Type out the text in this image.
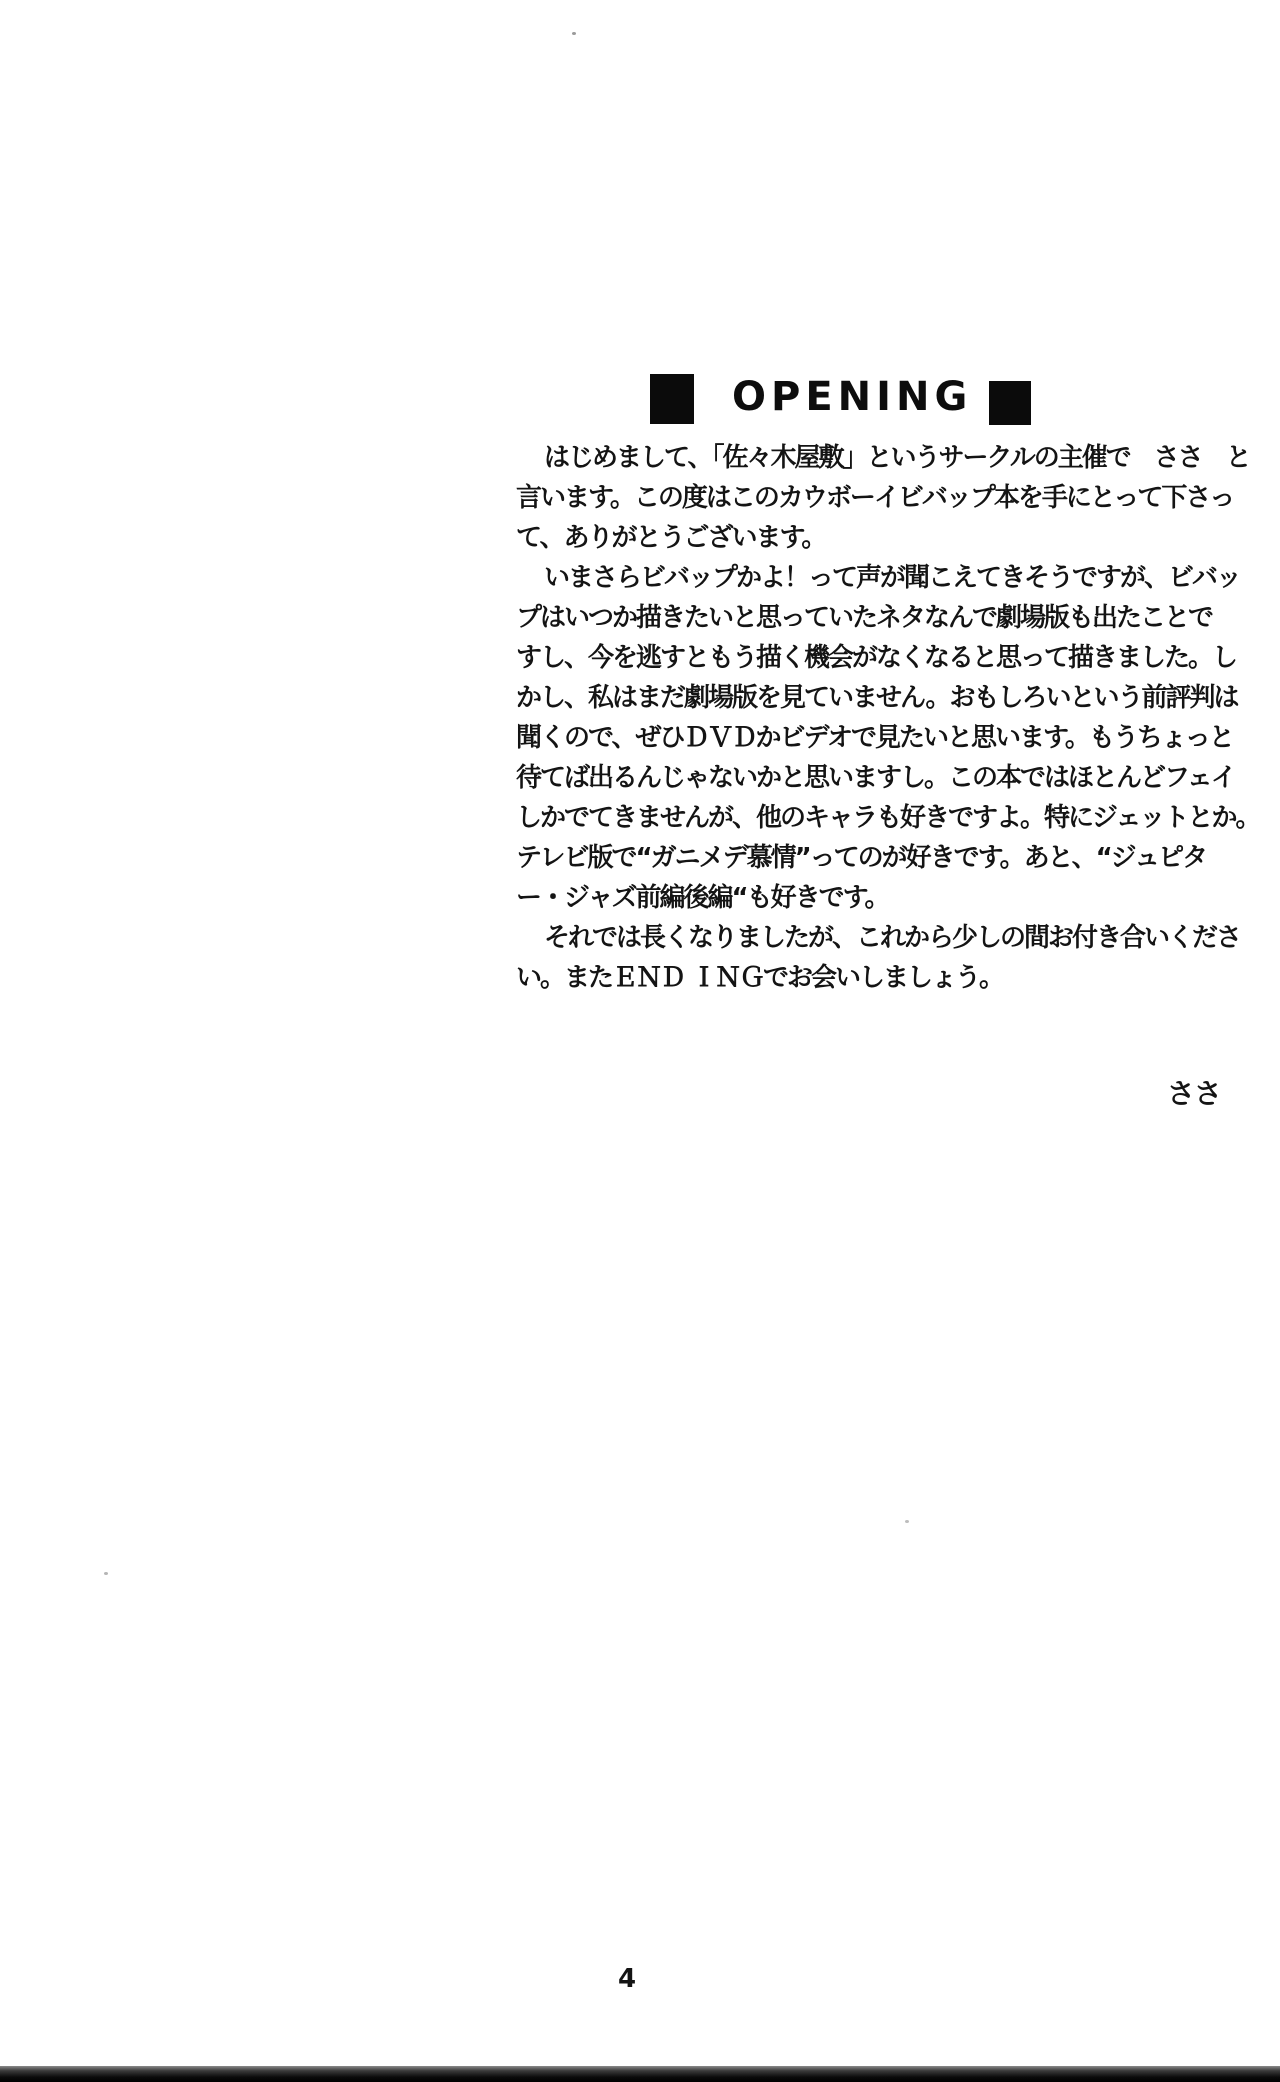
OPENING
はじめまして、「佐々木屋敷」というサークルの主催で　ささ　と
言います。この度はこのカウボーイビバップ本を手にとって下さっ
て、ありがとうございます。
いまさらビバップかよ！って声が聞こえてきそうですが、ビバッ
プはいつか描きたいと思っていたネタなんで劇場版も出たことで
すし、今を逃すともう描く機会がなくなると思って描きました。し
かし、私はまだ劇場版を見ていません。おもしろいという前評判は
聞くので、ぜひＤＶＤかビデオで見たいと思います。もうちょっと
待てば出るんじゃないかと思いますし。この本ではほとんどフェイ
しかでてきませんが、他のキャラも好きですよ。特にジェットとか。
テレビ版で“ガニメデ慕情”ってのが好きです。あと、“ジュピタ
ー・ジャズ前編後編“も好きです。
それでは長くなりましたが、これから少しの間お付き合いくださ
い。またＥＮＤ ＩＮＧでお会いしましょう。
ささ
4
